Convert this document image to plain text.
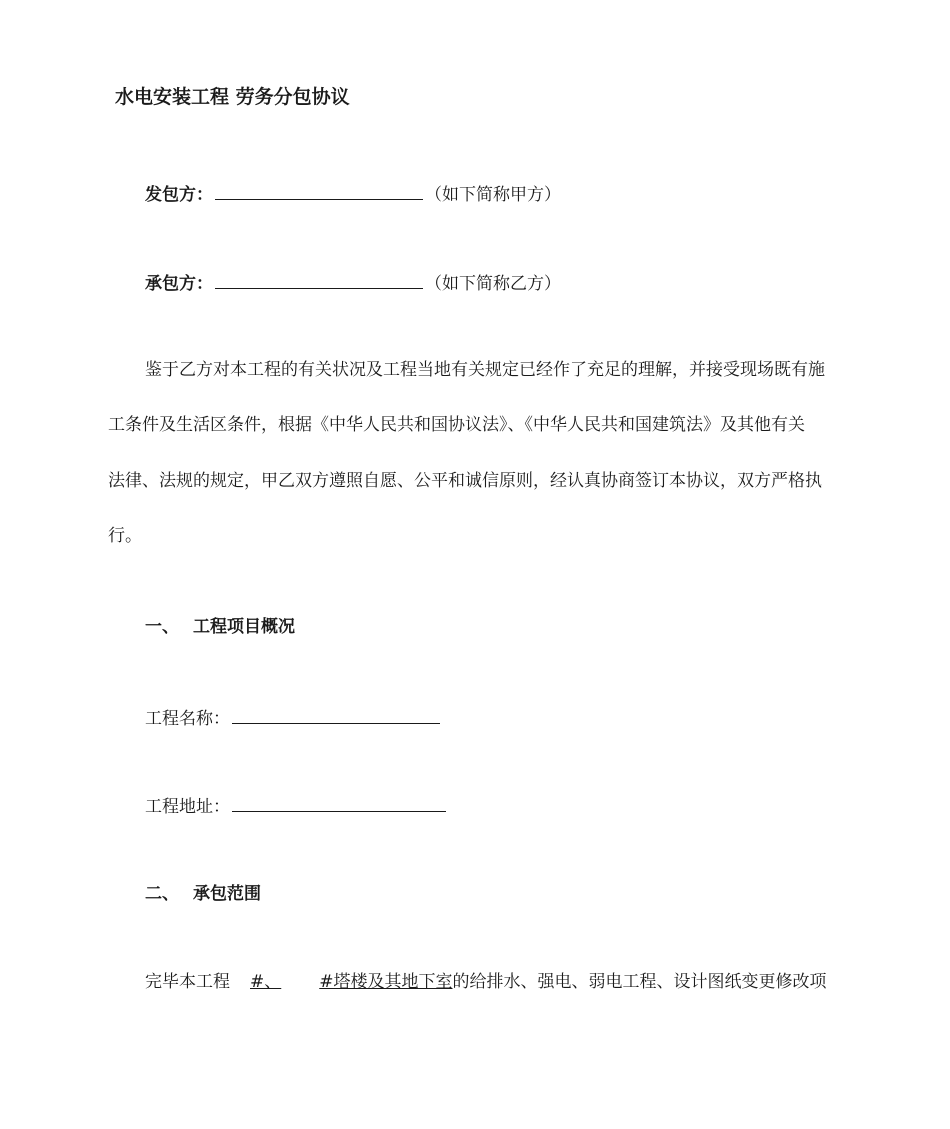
水电安装工程 劳务分包协议
发包方：	（如下简称甲方）
承包方：	（如下简称乙方）
鉴于乙方对本工程的有关状况及工程当地有关规定已经作了充足的理解，并接受现场既有施
工条件及生活区条件，根据《中华人民共和国协议法》、《中华人民共和国建筑法》及其他有关
法律、法规的规定，甲乙双方遵照自愿、公平和诚信原则，经认真协商签订本协议，双方严格执
行。
一、 工程项目概况
工程名称：
工程地址：
二、 承包范围
完毕本工程 #、 #塔楼及其地下室的给排水、强电、弱电工程、设计图纸变更修改项
